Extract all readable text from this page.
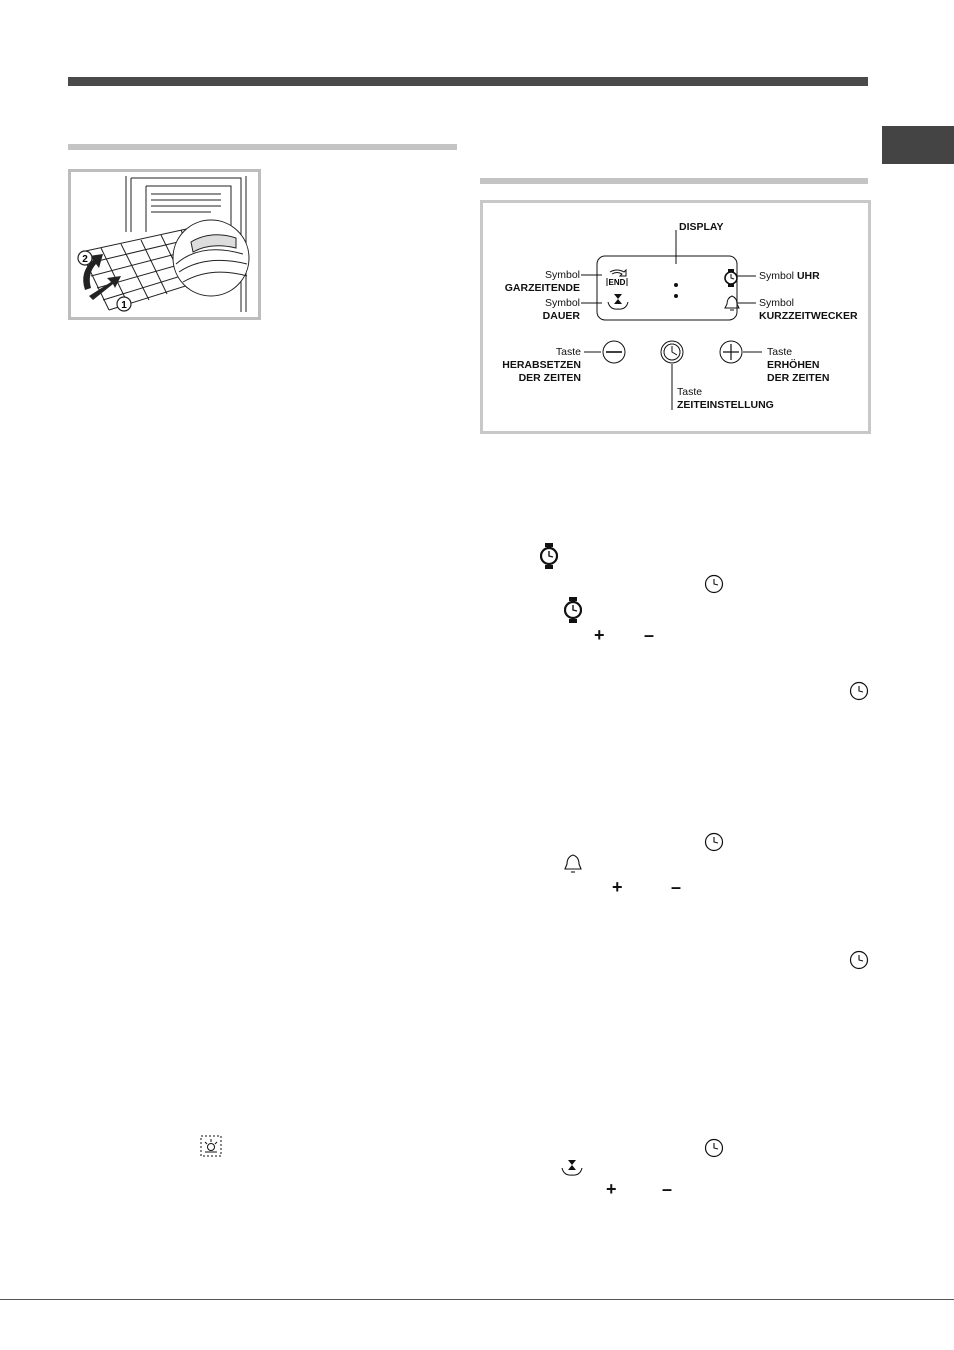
2
1
END
DISPLAY
Symbol
GARZEITENDE
Symbol
DAUER
Symbol UHR
Symbol
KURZZEITWECKER
Taste
HERABSETZEN
DER ZEITEN
Taste
ERHÖHEN
DER ZEITEN
Taste
ZEITEINSTELLUNG
+ –
+	–
+	–
